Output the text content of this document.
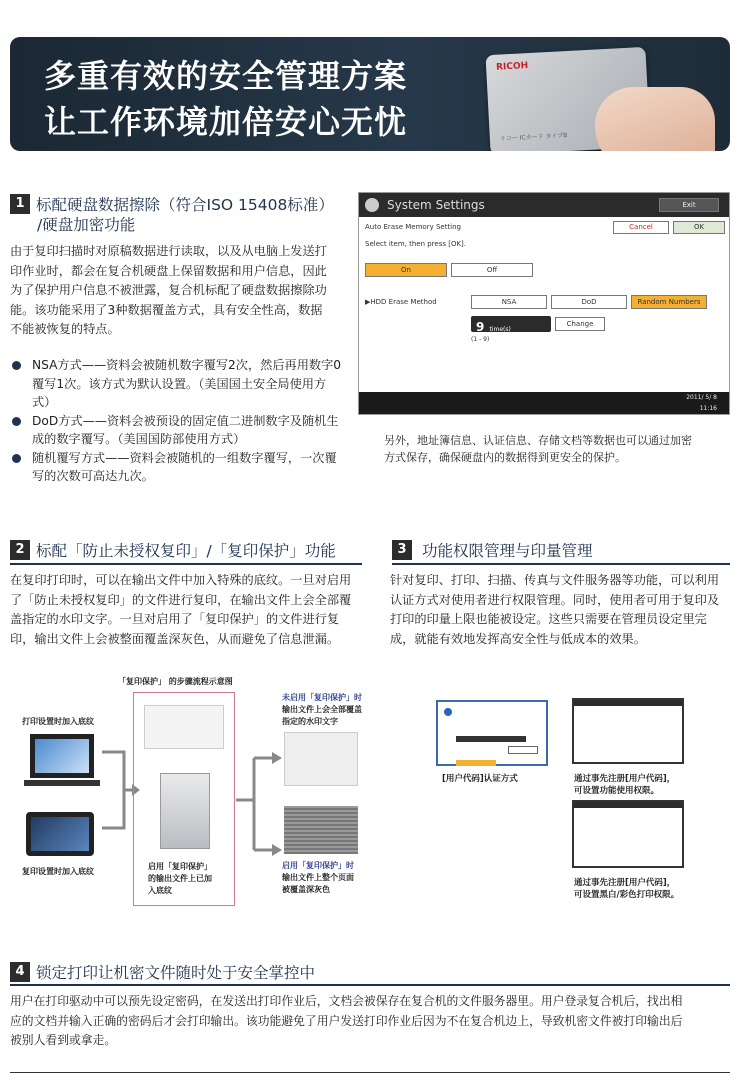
多重有效的安全管理方案
让工作环境加倍安心无忧
RICOH
リコー ICカード タイプB
1 标配硬盘数据擦除（符合ISO 15408标准）
/硬盘加密功能
由于复印扫描时对原稿数据进行读取，以及从电脑上发送打
印作业时，都会在复合机硬盘上保留数据和用户信息，因此
为了保护用户信息不被泄露，复合机标配了硬盘数据擦除功
能。该功能采用了3种数据覆盖方式，具有安全性高，数据
不能被恢复的特点。
NSA方式——资料会被随机数字覆写2次，然后再用数字0
覆写1次。该方式为默认设置。（美国国土安全局使用方
式）
DoD方式——资料会被预设的固定值二进制数字及随机生
成的数字覆写。（美国国防部使用方式）
随机覆写方式——资料会被随机的一组数字覆写，一次覆
写的次数可高达九次。
System Settings	Exit
Auto Erase Memory Setting	Cancel	OK
Select item, then press [OK].
On	Off
▶HDD Erase Method	NSA	DoD	Random Numbers
9 time(s)
Change
(1 - 9)
2011/ 5/ 8
11:16
另外，地址簿信息、认证信息、存储文档等数据也可以通过加密
方式保存，确保硬盘内的数据得到更安全的保护。
2 标配「防止未授权复印」/「复印保护」功能
在复印打印时，可以在输出文件中加入特殊的底纹。一旦对启用
了「防止未授权复印」的文件进行复印，在输出文件上会全部覆
盖指定的水印文字。一旦对启用了「复印保护」的文件进行复
印，输出文件上会被整面覆盖深灰色，从而避免了信息泄漏。
「复印保护」 的步骤流程示意图
打印设置时加入底纹
复印设置时加入底纹
启用「复印保护」
的输出文件上已加
入底纹
未启用「复印保护」时
输出文件上会全部覆盖
指定的水印文字
启用「复印保护」时
输出文件上整个页面
被覆盖深灰色
3 功能权限管理与印量管理
针对复印、打印、扫描、传真与文件服务器等功能，可以利用
认证方式对使用者进行权限管理。同时，使用者可用于复印及
打印的印量上限也能被设定。这些只需要在管理员设定里完
成，就能有效地发挥高安全性与低成本的效果。
[用户代码]认证方式	通过事先注册[用户代码]，
可设置功能使用权限。
通过事先注册[用户代码]，
可设置黑白/彩色打印权限。
4 锁定打印让机密文件随时处于安全掌控中
用户在打印驱动中可以预先设定密码，在发送出打印作业后，文档会被保存在复合机的文件服务器里。用户登录复合机后，找出相
应的文档并输入正确的密码后才会打印输出。该功能避免了用户发送打印作业后因为不在复合机边上，导致机密文件被打印输出后
被别人看到或拿走。
